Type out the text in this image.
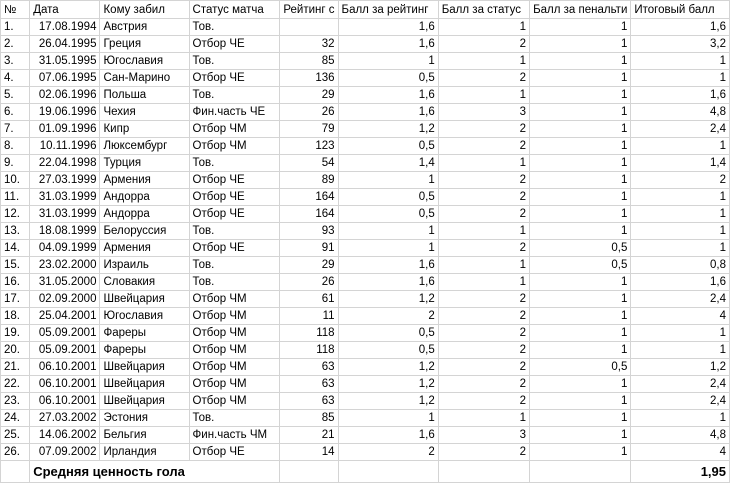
№	Дата	Кому забил	Статус матча	Рейтинг с	Балл за рейтинг	Балл за статус	Балл за пенальти	Итоговый балл
1.	17.08.1994	Австрия	Тов.		1,6	1	1	1,6
2.	26.04.1995	Греция	Отбор ЧЕ	32	1,6	2	1	3,2
3.	31.05.1995	Югославия	Тов.	85	1	1	1	1
4.	07.06.1995	Сан-Марино	Отбор ЧЕ	136	0,5	2	1	1
5.	02.06.1996	Польша	Тов.	29	1,6	1	1	1,6
6.	19.06.1996	Чехия	Фин.часть ЧЕ	26	1,6	3	1	4,8
7.	01.09.1996	Кипр	Отбор ЧМ	79	1,2	2	1	2,4
8.	10.11.1996	Люксембург	Отбор ЧМ	123	0,5	2	1	1
9.	22.04.1998	Турция	Тов.	54	1,4	1	1	1,4
10.	27.03.1999	Армения	Отбор ЧЕ	89	1	2	1	2
11.	31.03.1999	Андорра	Отбор ЧЕ	164	0,5	2	1	1
12.	31.03.1999	Андорра	Отбор ЧЕ	164	0,5	2	1	1
13.	18.08.1999	Белоруссия	Тов.	93	1	1	1	1
14.	04.09.1999	Армения	Отбор ЧЕ	91	1	2	0,5	1
15.	23.02.2000	Израиль	Тов.	29	1,6	1	0,5	0,8
16.	31.05.2000	Словакия	Тов.	26	1,6	1	1	1,6
17.	02.09.2000	Швейцария	Отбор ЧМ	61	1,2	2	1	2,4
18.	25.04.2001	Югославия	Отбор ЧМ	11	2	2	1	4
19.	05.09.2001	Фареры	Отбор ЧМ	118	0,5	2	1	1
20.	05.09.2001	Фареры	Отбор ЧМ	118	0,5	2	1	1
21.	06.10.2001	Швейцария	Отбор ЧМ	63	1,2	2	0,5	1,2
22.	06.10.2001	Швейцария	Отбор ЧМ	63	1,2	2	1	2,4
23.	06.10.2001	Швейцария	Отбор ЧМ	63	1,2	2	1	2,4
24.	27.03.2002	Эстония	Тов.	85	1	1	1	1
25.	14.06.2002	Бельгия	Фин.часть ЧМ	21	1,6	3	1	4,8
26.	07.09.2002	Ирландия	Отбор ЧЕ	14	2	2	1	4
	Средняя ценность гола							1,95
